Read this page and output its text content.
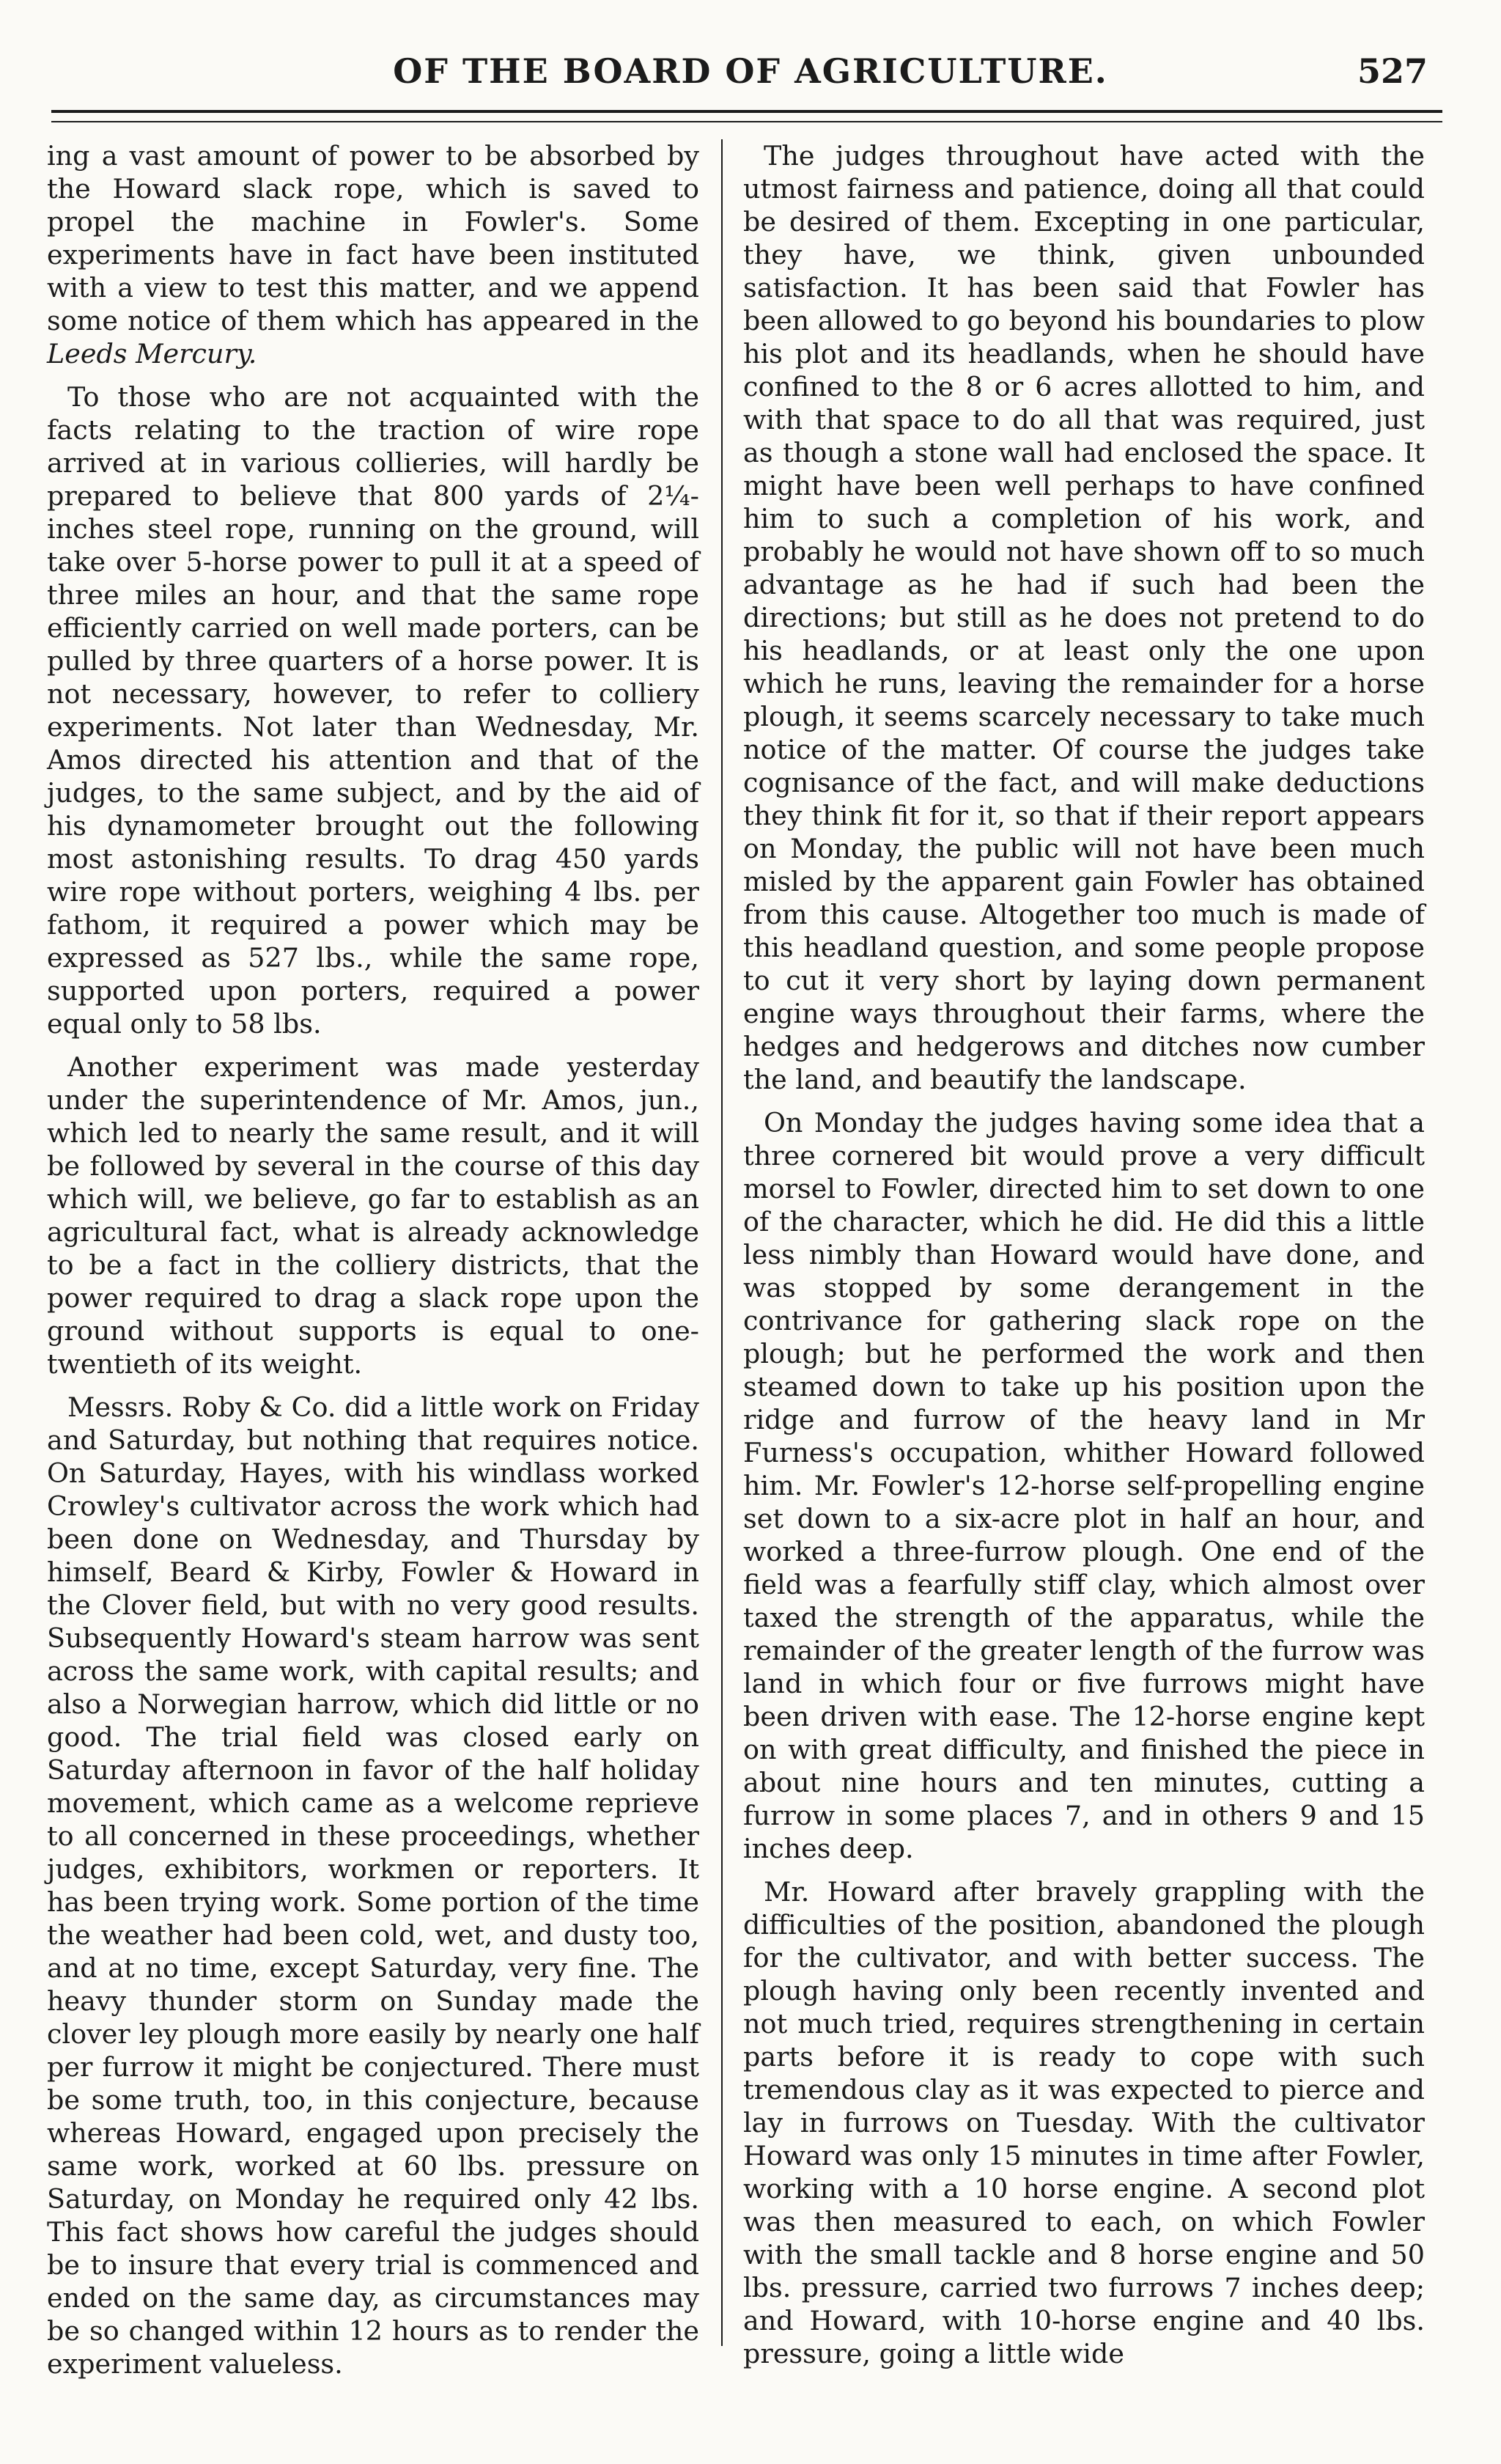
OF THE BOARD OF AGRICULTURE.	527

ing a vast amount of power to be absorbed by the Howard slack rope, which is saved to propel the machine in Fowler's. Some experiments have in fact have been instituted with a view to test this matter, and we append some notice of them which has appeared in the Leeds Mercury.

To those who are not acquainted with the facts relating to the traction of wire rope arrived at in various collieries, will hardly be prepared to believe that 800 yards of 2¼-inches steel rope, running on the ground, will take over 5-horse power to pull it at a speed of three miles an hour, and that the same rope efficiently carried on well made porters, can be pulled by three quarters of a horse power. It is not necessary, however, to refer to colliery experiments. Not later than Wednesday, Mr. Amos directed his attention and that of the judges, to the same subject, and by the aid of his dynamometer brought out the following most astonishing results. To drag 450 yards wire rope without porters, weighing 4 lbs. per fathom, it required a power which may be expressed as 527 lbs., while the same rope, supported upon porters, required a power equal only to 58 lbs.

Another experiment was made yesterday under the superintendence of Mr. Amos, jun., which led to nearly the same result, and it will be followed by several in the course of this day which will, we believe, go far to establish as an agricultural fact, what is already acknowledge to be a fact in the colliery districts, that the power required to drag a slack rope upon the ground without supports is equal to one-twentieth of its weight.

Messrs. Roby & Co. did a little work on Friday and Saturday, but nothing that requires notice. On Saturday, Hayes, with his windlass worked Crowley's cultivator across the work which had been done on Wednesday, and Thursday by himself, Beard & Kirby, Fowler & Howard in the Clover field, but with no very good results. Subsequently Howard's steam harrow was sent across the same work, with capital results; and also a Norwegian harrow, which did little or no good. The trial field was closed early on Saturday afternoon in favor of the half holiday movement, which came as a welcome reprieve to all concerned in these proceedings, whether judges, exhibitors, workmen or reporters. It has been trying work. Some portion of the time the weather had been cold, wet, and dusty too, and at no time, except Saturday, very fine. The heavy thunder storm on Sunday made the clover ley plough more easily by nearly one half per furrow it might be conjectured. There must be some truth, too, in this conjecture, because whereas Howard, engaged upon precisely the same work, worked at 60 lbs. pressure on Saturday, on Monday he required only 42 lbs. This fact shows how careful the judges should be to insure that every trial is commenced and ended on the same day, as circumstances may be so changed within 12 hours as to render the experiment valueless.

The judges throughout have acted with the utmost fairness and patience, doing all that could be desired of them. Excepting in one particular, they have, we think, given unbounded satisfaction. It has been said that Fowler has been allowed to go beyond his boundaries to plow his plot and its headlands, when he should have confined to the 8 or 6 acres allotted to him, and with that space to do all that was required, just as though a stone wall had enclosed the space. It might have been well perhaps to have confined him to such a completion of his work, and probably he would not have shown off to so much advantage as he had if such had been the directions; but still as he does not pretend to do his headlands, or at least only the one upon which he runs, leaving the remainder for a horse plough, it seems scarcely necessary to take much notice of the matter. Of course the judges take cognisance of the fact, and will make deductions they think fit for it, so that if their report appears on Monday, the public will not have been much misled by the apparent gain Fowler has obtained from this cause. Altogether too much is made of this headland question, and some people propose to cut it very short by laying down permanent engine ways throughout their farms, where the hedges and hedgerows and ditches now cumber the land, and beautify the landscape.

On Monday the judges having some idea that a three cornered bit would prove a very difficult morsel to Fowler, directed him to set down to one of the character, which he did. He did this a little less nimbly than Howard would have done, and was stopped by some derangement in the contrivance for gathering slack rope on the plough; but he performed the work and then steamed down to take up his position upon the ridge and furrow of the heavy land in Mr Furness's occupation, whither Howard followed him. Mr. Fowler's 12-horse self-propelling engine set down to a six-acre plot in half an hour, and worked a three-furrow plough. One end of the field was a fearfully stiff clay, which almost over taxed the strength of the apparatus, while the remainder of the greater length of the furrow was land in which four or five furrows might have been driven with ease. The 12-horse engine kept on with great difficulty, and finished the piece in about nine hours and ten minutes, cutting a furrow in some places 7, and in others 9 and 15 inches deep.

Mr. Howard after bravely grappling with the difficulties of the position, abandoned the plough for the cultivator, and with better success. The plough having only been recently invented and not much tried, requires strengthening in certain parts before it is ready to cope with such tremendous clay as it was expected to pierce and lay in furrows on Tuesday. With the cultivator Howard was only 15 minutes in time after Fowler, working with a 10 horse engine. A second plot was then measured to each, on which Fowler with the small tackle and 8 horse engine and 50 lbs. pressure, carried two furrows 7 inches deep; and Howard, with 10-horse engine and 40 lbs. pressure, going a little wide
